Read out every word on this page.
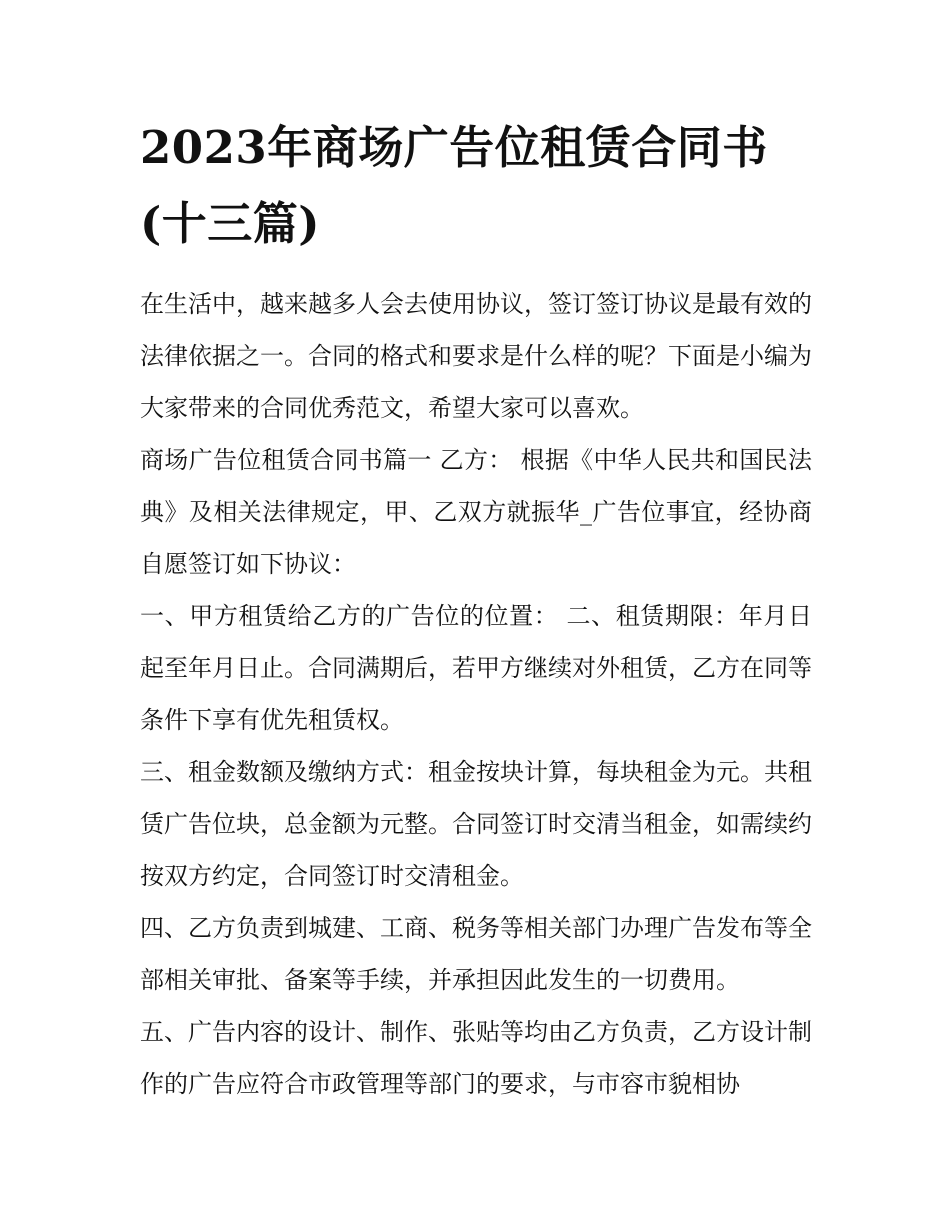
2023年商场广告位租赁合同书(十三篇)

在生活中，越来越多人会去使用协议，签订签订协议是最有效的法律依据之一。合同的格式和要求是什么样的呢？下面是小编为大家带来的合同优秀范文，希望大家可以喜欢。

商场广告位租赁合同书篇一 乙方： 根据《中华人民共和国民法典》及相关法律规定，甲、乙双方就振华_广告位事宜，经协商自愿签订如下协议：

一、甲方租赁给乙方的广告位的位置： 二、租赁期限：年月日起至年月日止。合同满期后，若甲方继续对外租赁，乙方在同等条件下享有优先租赁权。

三、租金数额及缴纳方式：租金按块计算，每块租金为元。共租赁广告位块，总金额为元整。合同签订时交清当租金，如需续约按双方约定，合同签订时交清租金。

四、乙方负责到城建、工商、税务等相关部门办理广告发布等全部相关审批、备案等手续，并承担因此发生的一切费用。

五、广告内容的设计、制作、张贴等均由乙方负责，乙方设计制作的广告应符合市政管理等部门的要求，与市容市貌相协
